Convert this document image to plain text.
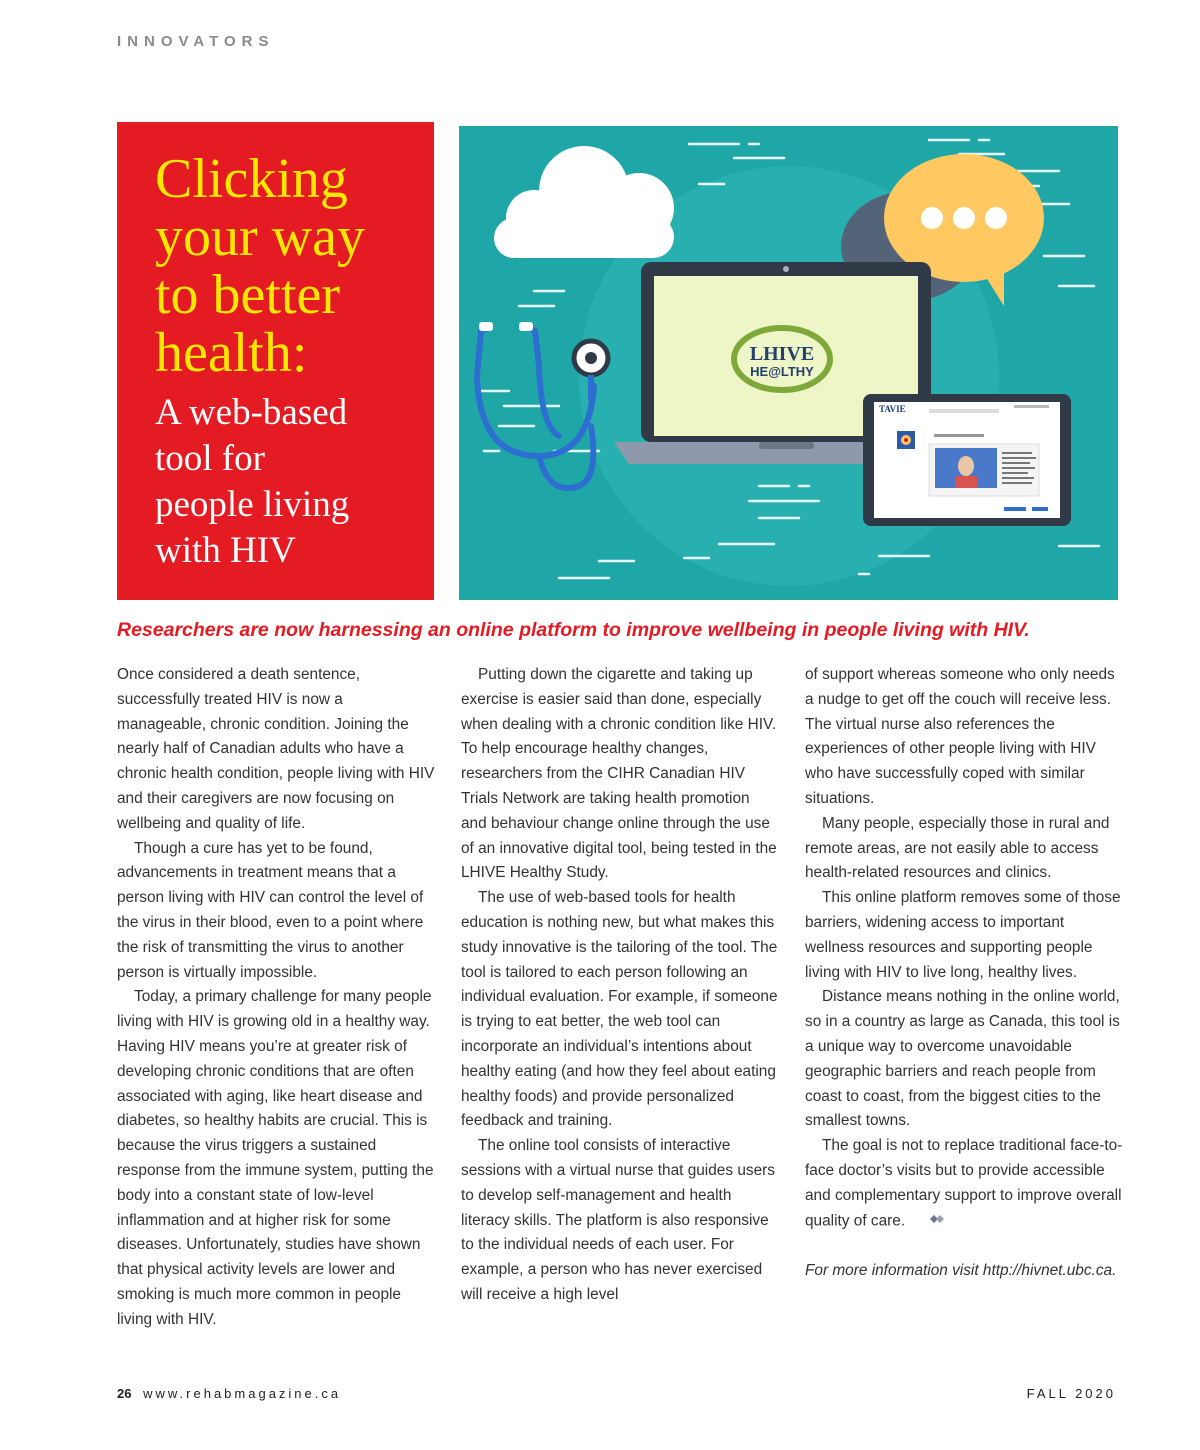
INNOVATORS
Clicking
your way
to better
health:
A web-based
tool for
people living
with HIV
LHIVE
HE@LTHY
TAVIE

Researchers are now harnessing an online platform to improve wellbeing in people living with HIV.

Once considered a death sentence, successfully treated HIV is now a manageable, chronic condition. Joining the nearly half of Canadian adults who have a chronic health condition, people living with HIV and their caregivers are now focusing on wellbeing and quality of life.

Though a cure has yet to be found, advancements in treatment means that a person living with HIV can control the level of the virus in their blood, even to a point where the risk of transmitting the virus to another person is virtually impossible.

Today, a primary challenge for many people living with HIV is growing old in a healthy way. Having HIV means you’re at greater risk of developing chronic conditions that are often associated with aging, like heart disease and diabetes, so healthy habits are crucial. This is because the virus triggers a sustained response from the immune system, putting the body into a constant state of low-level inflammation and at higher risk for some diseases. Unfortunately, studies have shown that physical activity levels are lower and smoking is much more common in people living with HIV.

Putting down the cigarette and taking up exercise is easier said than done, especially when dealing with a chronic condition like HIV. To help encourage healthy changes, researchers from the CIHR Canadian HIV Trials Network are taking health promotion and behaviour change online through the use of an innovative digital tool, being tested in the LHIVE Healthy Study.

The use of web-based tools for health education is nothing new, but what makes this study innovative is the tailoring of the tool. The tool is tailored to each person following an individual evaluation. For example, if someone is trying to eat better, the web tool can incorporate an individual’s intentions about healthy eating (and how they feel about eating healthy foods) and provide personalized feedback and training.

The online tool consists of interactive sessions with a virtual nurse that guides users to develop self-management and health literacy skills. The platform is also responsive to the individual needs of each user. For example, a person who has never exercised will receive a high level

of support whereas someone who only needs a nudge to get off the couch will receive less. The virtual nurse also references the experiences of other people living with HIV who have successfully coped with similar situations.

Many people, especially those in rural and remote areas, are not easily able to access health-related resources and clinics.

This online platform removes some of those barriers, widening access to important wellness resources and supporting people living with HIV to live long, healthy lives.

Distance means nothing in the online world, so in a country as large as Canada, this tool is a unique way to overcome unavoidable geographic barriers and reach people from coast to coast, from the biggest cities to the smallest towns.

The goal is not to replace traditional face-to-face doctor’s visits but to provide accessible and complementary support to improve overall quality of care.

For more information visit http://hivnet.ubc.ca.

26 www.rehabmagazine.ca	FALL 2020
